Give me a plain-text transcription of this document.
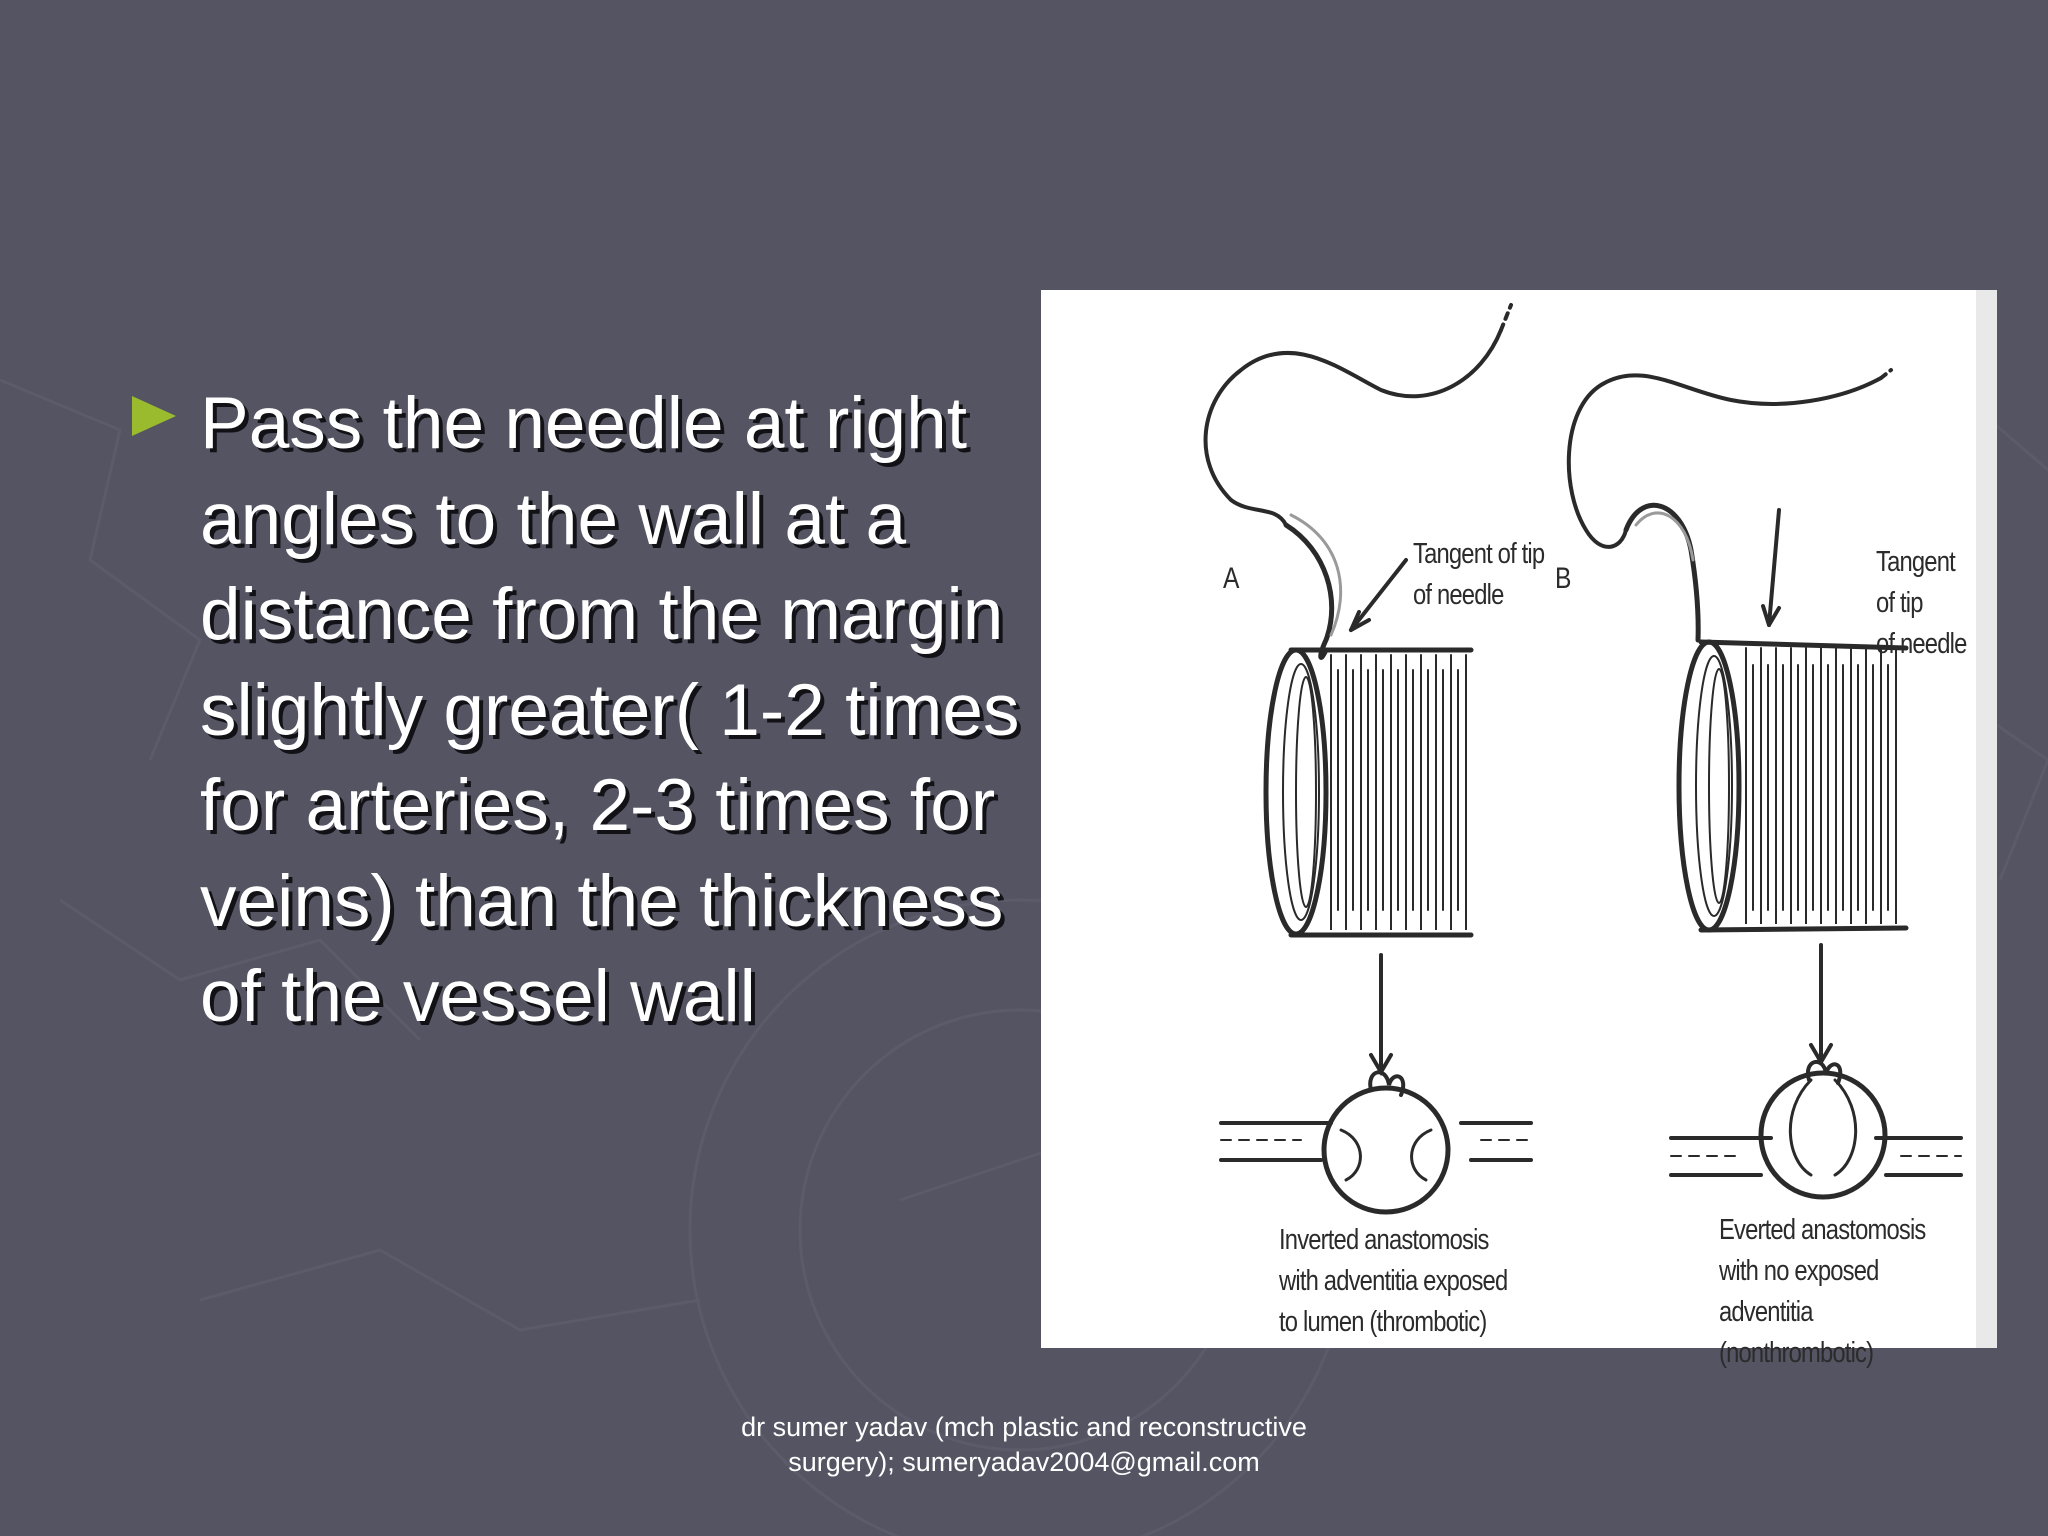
Pass the needle at right angles to the wall at a distance from the margin slightly greater( 1-2 times for arteries, 2-3 times for veins) than the thickness of the vessel wall
A
Tangent of tip
of needle
Inverted anastomosis
with adventitia exposed
to lumen (thrombotic)
B	Tangent of tip
of needle
Everted anastomosis
with no exposed
adventitia (nonthrombotic)
dr sumer yadav (mch plastic and reconstructive
surgery); sumeryadav2004@gmail.com
